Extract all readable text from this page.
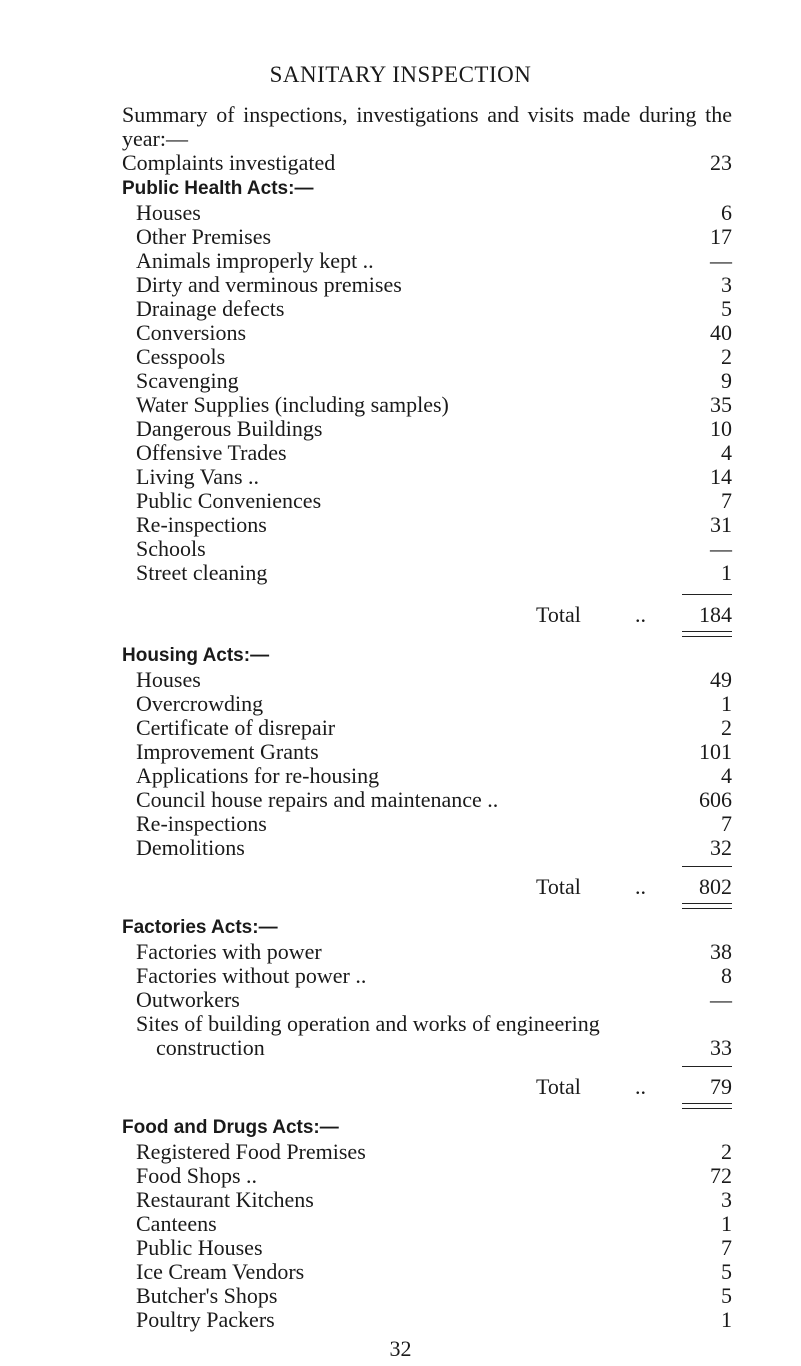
SANITARY INSPECTION
Summary of inspections, investigations and visits made during the year:—
Complaints investigated	23
Public Health Acts:—
Houses	6
Other Premises	17
Animals improperly kept ..	—
Dirty and verminous premises	3
Drainage defects	5
Conversions	40
Cesspools	2
Scavenging	9
Water Supplies (including samples)	35
Dangerous Buildings	10
Offensive Trades	4
Living Vans ..	14
Public Conveniences	7
Re-inspections	31
Schools	—
Street cleaning	1
Total .. 184
Housing Acts:—
Houses	49
Overcrowding	1
Certificate of disrepair	2
Improvement Grants	101
Applications for re-housing	4
Council house repairs and maintenance ..	606
Re-inspections	7
Demolitions	32
Total .. 802
Factories Acts:—
Factories with power	38
Factories without power ..	8
Outworkers	—
Sites of building operation and works of engineering
construction	33
Total ..	79
Food and Drugs Acts:—
Registered Food Premises	2
Food Shops ..	72
Restaurant Kitchens	3
Canteens	1
Public Houses	7
Ice Cream Vendors	5
Butcher's Shops	5
Poultry Packers	1
32
